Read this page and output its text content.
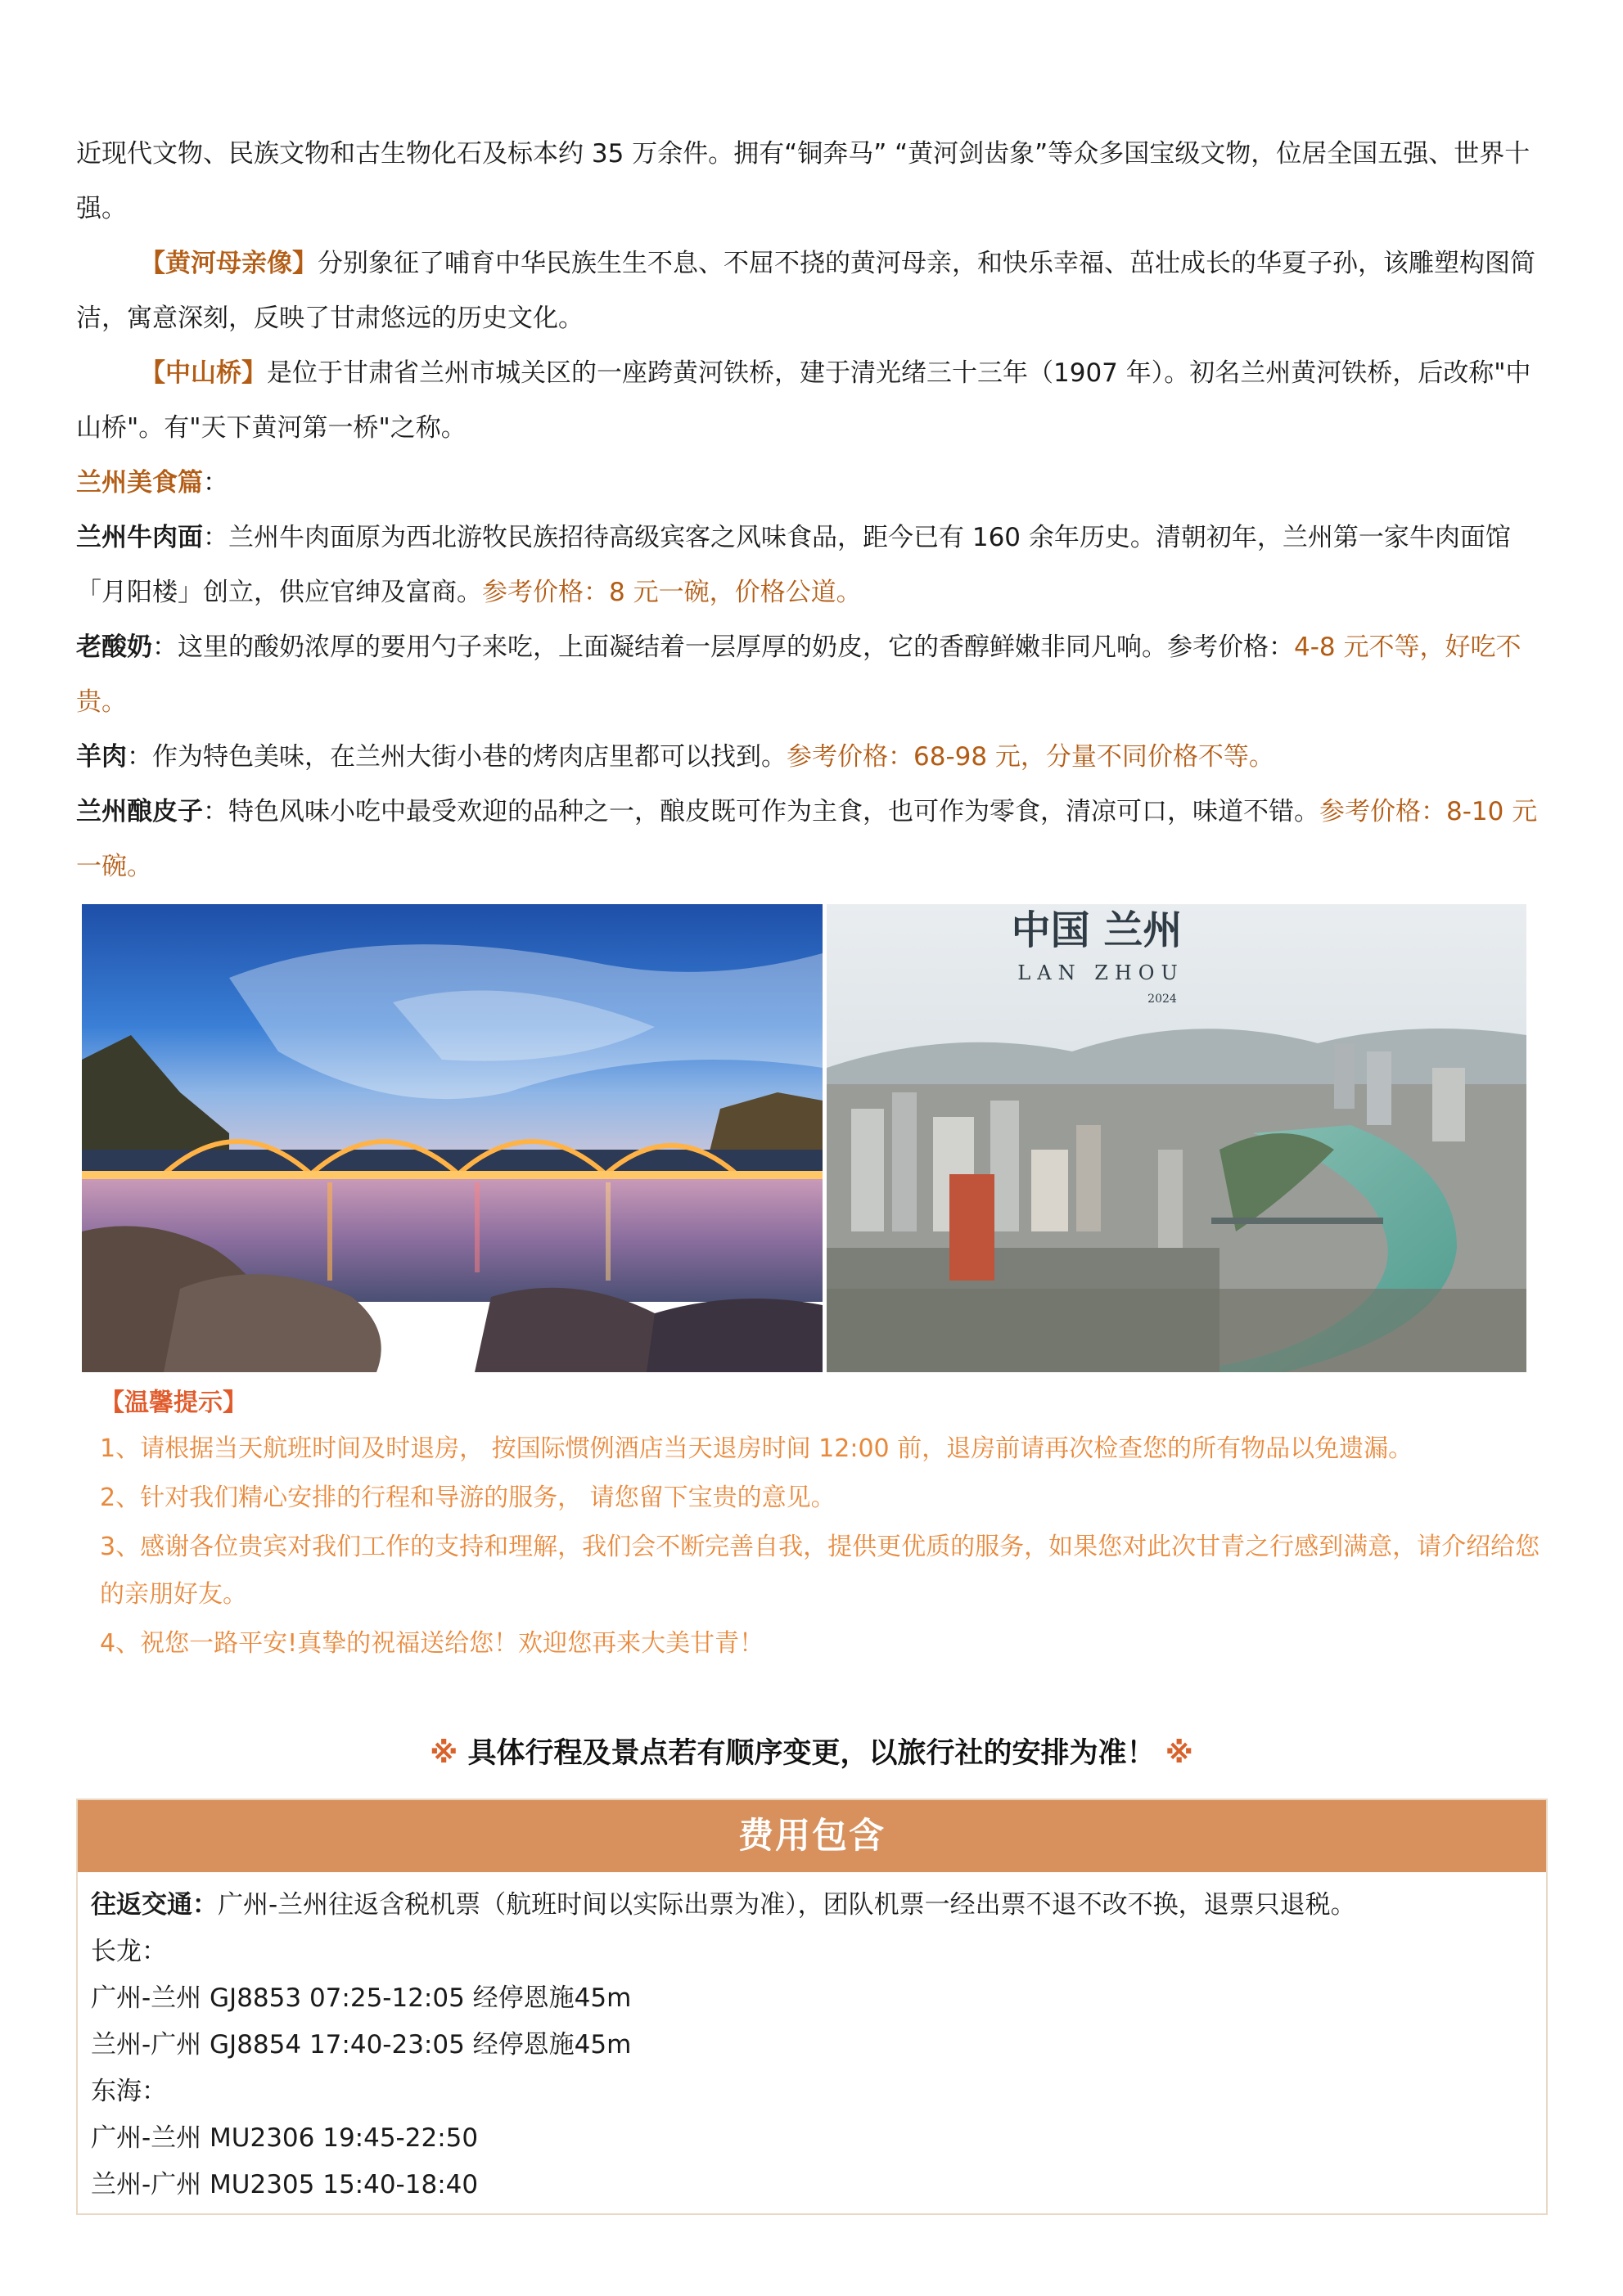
近现代文物、民族文物和古生物化石及标本约 35 万余件。拥有“铜奔马” “黄河剑齿象”等众多国宝级文物，位居全国五强、世界十强。

【黄河母亲像】分别象征了哺育中华民族生生不息、不屈不挠的黄河母亲，和快乐幸福、茁壮成长的华夏子孙，该雕塑构图简洁，寓意深刻，反映了甘肃悠远的历史文化。

【中山桥】是位于甘肃省兰州市城关区的一座跨黄河铁桥，建于清光绪三十三年（1907 年）。初名兰州黄河铁桥，后改称"中山桥"。有"天下黄河第一桥"之称。

兰州美食篇：

兰州牛肉面：兰州牛肉面原为西北游牧民族招待高级宾客之风味食品，距今已有 160 余年历史。清朝初年，兰州第一家牛肉面馆「月阳楼」创立，供应官绅及富商。参考价格：8 元一碗，价格公道。

老酸奶：这里的酸奶浓厚的要用勺子来吃，上面凝结着一层厚厚的奶皮，它的香醇鲜嫩非同凡响。参考价格：4-8 元不等，好吃不贵。

羊肉：作为特色美味，在兰州大街小巷的烤肉店里都可以找到。参考价格：68-98 元，分量不同价格不等。

兰州酿皮子：特色风味小吃中最受欢迎的品种之一，酿皮既可作为主食，也可作为零食，清凉可口，味道不错。参考价格：8-10 元一碗。

中国 兰州
LAN ZHOU
2024
【温馨提示】

1、请根据当天航班时间及时退房， 按国际惯例酒店当天退房时间 12:00 前，退房前请再次检查您的所有物品以免遗漏。

2、针对我们精心安排的行程和导游的服务， 请您留下宝贵的意见。

3、感谢各位贵宾对我们工作的支持和理解，我们会不断完善自我，提供更优质的服务，如果您对此次甘青之行感到满意，请介绍给您的亲朋好友。

4、祝您一路平安!真挚的祝福送给您！欢迎您再来大美甘青！

※ 具体行程及景点若有顺序变更，以旅行社的安排为准！ ※
费用包含

往返交通：广州-兰州往返含税机票（航班时间以实际出票为准），团队机票一经出票不退不改不换，退票只退税。

长龙：

广州-兰州 GJ8853 07:25-12:05 经停恩施45m

兰州-广州 GJ8854 17:40-23:05 经停恩施45m

东海：

广州-兰州 MU2306 19:45-22:50

兰州-广州 MU2305 15:40-18:40
